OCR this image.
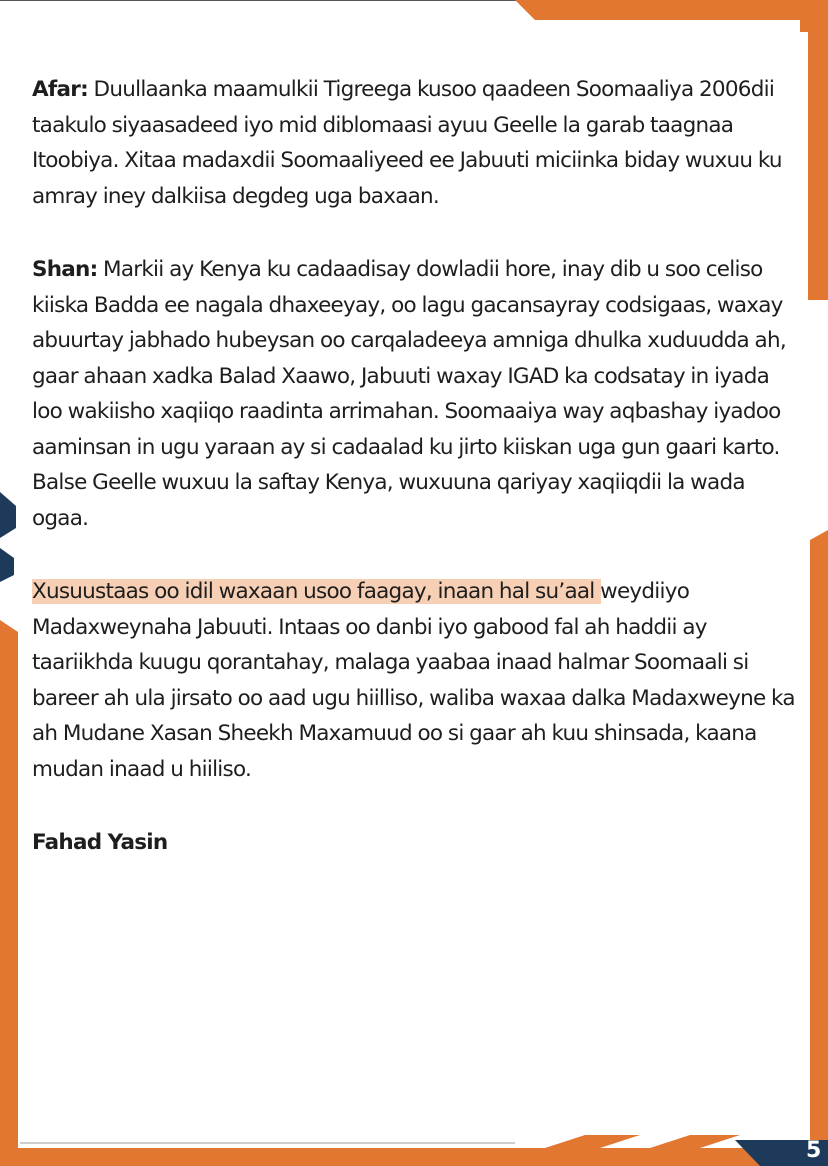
Afar: Duullaanka maamulkii Tigreega kusoo qaadeen Soomaaliya 2006dii taakulo siyaasadeed iyo mid diblomaasi ayuu Geelle la garab taagnaa Itoobiya. Xitaa madaxdii Soomaaliyeed ee Jabuuti miciinka biday wuxuu ku amray iney dalkiisa degdeg uga baxaan.

Shan: Markii ay Kenya ku cadaadisay dowladii hore, inay dib u soo celiso kiiska Badda ee nagala dhaxeeyay, oo lagu gacansayray codsigaas, waxay abuurtay jabhado hubeysan oo carqaladeeya amniga dhulka xuduudda ah, gaar ahaan xadka Balad Xaawo, Jabuuti waxay IGAD ka codsatay in iyada loo wakiisho xaqiiqo raadinta arrimahan. Soomaaiya way aqbashay iyadoo aaminsan in ugu yaraan ay si cadaalad ku jirto kiiskan uga gun gaari karto. Balse Geelle wuxuu la saftay Kenya, wuxuuna qariyay xaqiiqdii la wada ogaa.

Xusuustaas oo idil waxaan usoo faagay, inaan hal su’aal weydiiyo Madaxweynaha Jabuuti. Intaas oo danbi iyo gabood fal ah haddii ay taariikhda kuugu qorantahay, malaga yaabaa inaad halmar Soomaali si bareer ah ula jirsato oo aad ugu hiilliso, waliba waxaa dalka Madaxweyne ka ah Mudane Xasan Sheekh Maxamuud oo si gaar ah kuu shinsada, kaana mudan inaad u hiiliso.

Fahad Yasin
5
